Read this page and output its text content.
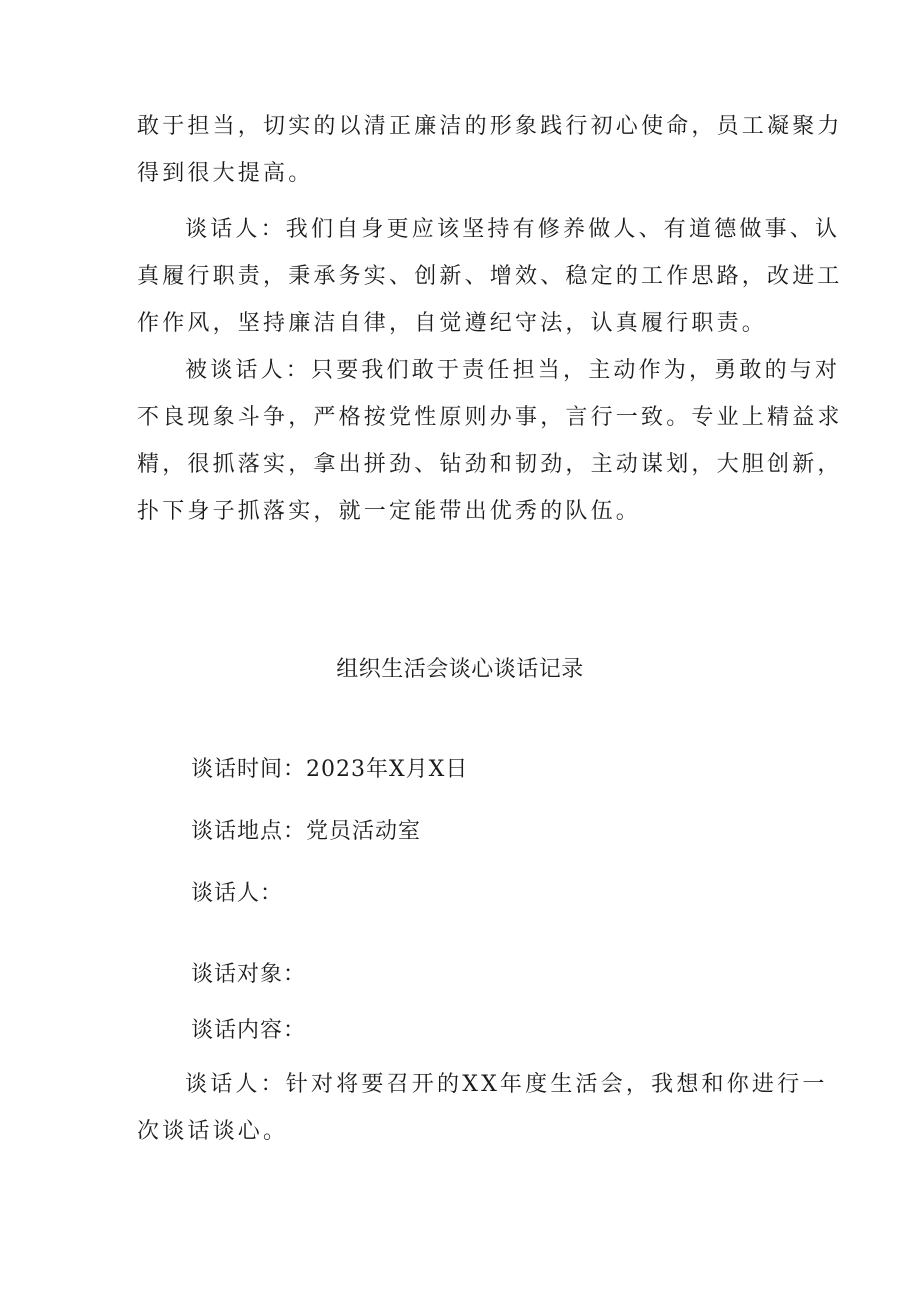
敢于担当，切实的以清正廉洁的形象践行初心使命，员工凝聚力
得到很大提高。
谈话人：我们自身更应该坚持有修养做人、有道德做事、认
真履行职责，秉承务实、创新、增效、稳定的工作思路，改进工
作作风，坚持廉洁自律，自觉遵纪守法，认真履行职责。
被谈话人：只要我们敢于责任担当，主动作为，勇敢的与对
不良现象斗争，严格按党性原则办事，言行一致。专业上精益求
精，很抓落实，拿出拼劲、钻劲和韧劲，主动谋划，大胆创新，
扑下身子抓落实，就一定能带出优秀的队伍。
组织生活会谈心谈话记录

谈话时间：2023年X月X日

谈话地点：党员活动室

谈话人：

谈话对象：

谈话内容：

谈话人：针对将要召开的XX年度生活会，我想和你进行一
次谈话谈心。
